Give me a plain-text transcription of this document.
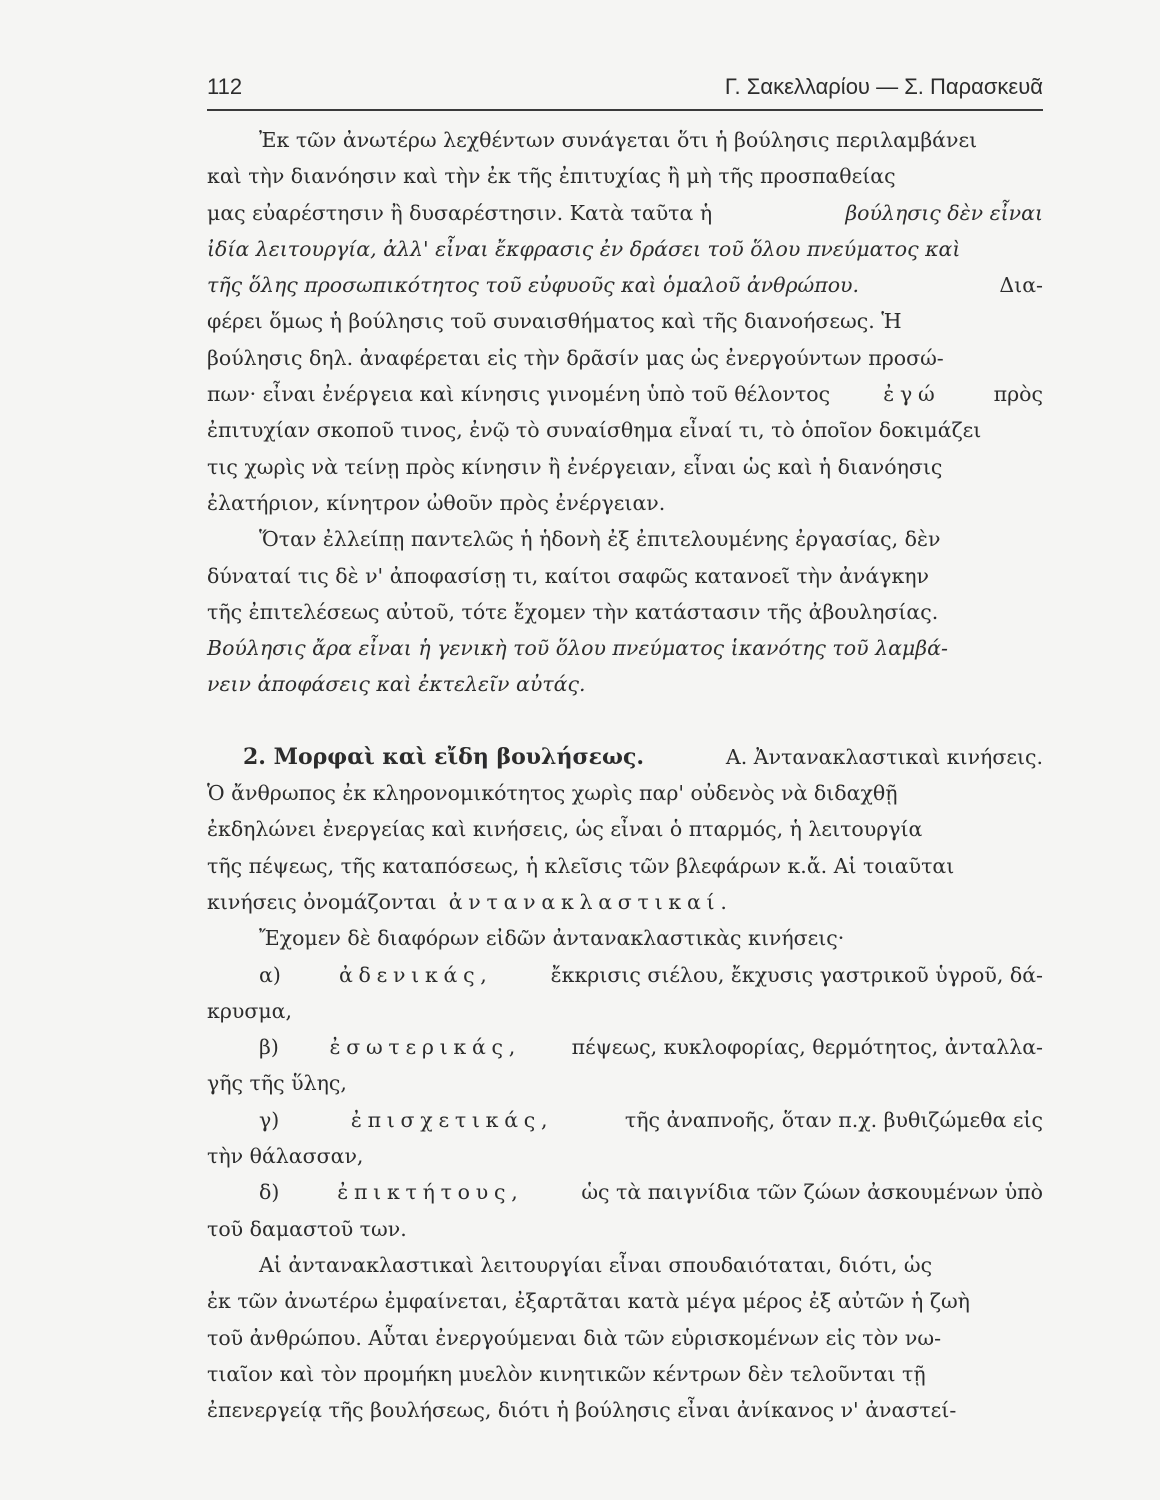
112	Γ. Σακελλαρίου — Σ. Παρασκευᾶ
Ἐκ τῶν ἀνωτέρω λεχθέντων συνάγεται ὅτι ἡ βούλησις περιλαμβάνει
καὶ τὴν διανόησιν καὶ τὴν ἐκ τῆς ἐπιτυχίας ἢ μὴ τῆς προσπαθείας
μας εὐαρέστησιν ἢ δυσαρέστησιν. Κατὰ ταῦτα ἡ	βούλησις δὲν εἶναι
ἰδία λειτουργία, ἀλλ' εἶναι ἔκφρασις ἐν δράσει τοῦ ὅλου πνεύματος καὶ
τῆς ὅλης προσωπικότητος τοῦ εὐφυοῦς καὶ ὁμαλοῦ ἀνθρώπου.	Δια-
φέρει ὅμως ἡ βούλησις τοῦ συναισθήματος καὶ τῆς διανοήσεως. Ἡ
βούλησις δηλ. ἀναφέρεται εἰς τὴν δρᾶσίν μας ὡς ἐνεργούντων προσώ-
πων· εἶναι ἐνέργεια καὶ κίνησις γινομένη ὑπὸ τοῦ θέλοντος	ἐγώ	πρὸς
ἐπιτυχίαν σκοποῦ τινος, ἐνῷ τὸ συναίσθημα εἶναί τι, τὸ ὁποῖον δοκιμάζει
τις χωρὶς νὰ τείνῃ πρὸς κίνησιν ἢ ἐνέργειαν, εἶναι ὡς καὶ ἡ διανόησις
ἐλατήριον, κίνητρον ὠθοῦν πρὸς ἐνέργειαν.
Ὅταν ἐλλείπῃ παντελῶς ἡ ἡδονὴ ἐξ ἐπιτελουμένης ἐργασίας, δὲν
δύναταί τις δὲ ν' ἀποφασίσῃ τι, καίτοι σαφῶς κατανοεῖ τὴν ἀνάγκην
τῆς ἐπιτελέσεως αὐτοῦ, τότε ἔχομεν τὴν κατάστασιν τῆς ἀβουλησίας.
Βούλησις ἄρα εἶναι ἡ γενικὴ τοῦ ὅλου πνεύματος ἱκανότης τοῦ λαμβά-
νειν ἀποφάσεις καὶ ἐκτελεῖν αὐτάς.
2. Μορφαὶ καὶ εἴδη βουλήσεως.	Α. Ἀντανακλαστικαὶ κινήσεις.
Ὁ ἄνθρωπος ἐκ κληρονομικότητος χωρὶς παρ' οὐδενὸς νὰ διδαχθῇ
ἐκδηλώνει ἐνεργείας καὶ κινήσεις, ὡς εἶναι ὁ πταρμός, ἡ λειτουργία
τῆς πέψεως, τῆς καταπόσεως, ἡ κλεῖσις τῶν βλεφάρων κ.ἄ. Αἱ τοιαῦται
κινήσεις ὀνομάζονται ἀντανακλαστικαί.
Ἔχομεν δὲ διαφόρων εἰδῶν ἀντανακλαστικὰς κινήσεις·
α)	ἀδενικάς,	ἔκκρισις σιέλου, ἔκχυσις γαστρικοῦ ὑγροῦ, δά-
κρυσμα,
β) ἐσωτερικάς, πέψεως, κυκλοφορίας, θερμότητος, ἀνταλλα-
γῆς τῆς ὕλης,
γ)	ἐπισχετικάς,	τῆς ἀναπνοῆς, ὅταν π.χ. βυθιζώμεθα εἰς
τὴν θάλασσαν,
δ)	ἐπικτήτους,	ὡς τὰ παιγνίδια τῶν ζώων ἀσκουμένων ὑπὸ
τοῦ δαμαστοῦ των.
Αἱ ἀντανακλαστικαὶ λειτουργίαι εἶναι σπουδαιόταται, διότι, ὡς
ἐκ τῶν ἀνωτέρω ἐμφαίνεται, ἐξαρτᾶται κατὰ μέγα μέρος ἐξ αὐτῶν ἡ ζωὴ
τοῦ ἀνθρώπου. Αὗται ἐνεργούμεναι διὰ τῶν εὑρισκομένων εἰς τὸν νω-
τιαῖον καὶ τὸν προμήκη μυελὸν κινητικῶν κέντρων δὲν τελοῦνται τῇ
ἐπενεργείᾳ τῆς βουλήσεως, διότι ἡ βούλησις εἶναι ἀνίκανος ν' ἀναστεί-
